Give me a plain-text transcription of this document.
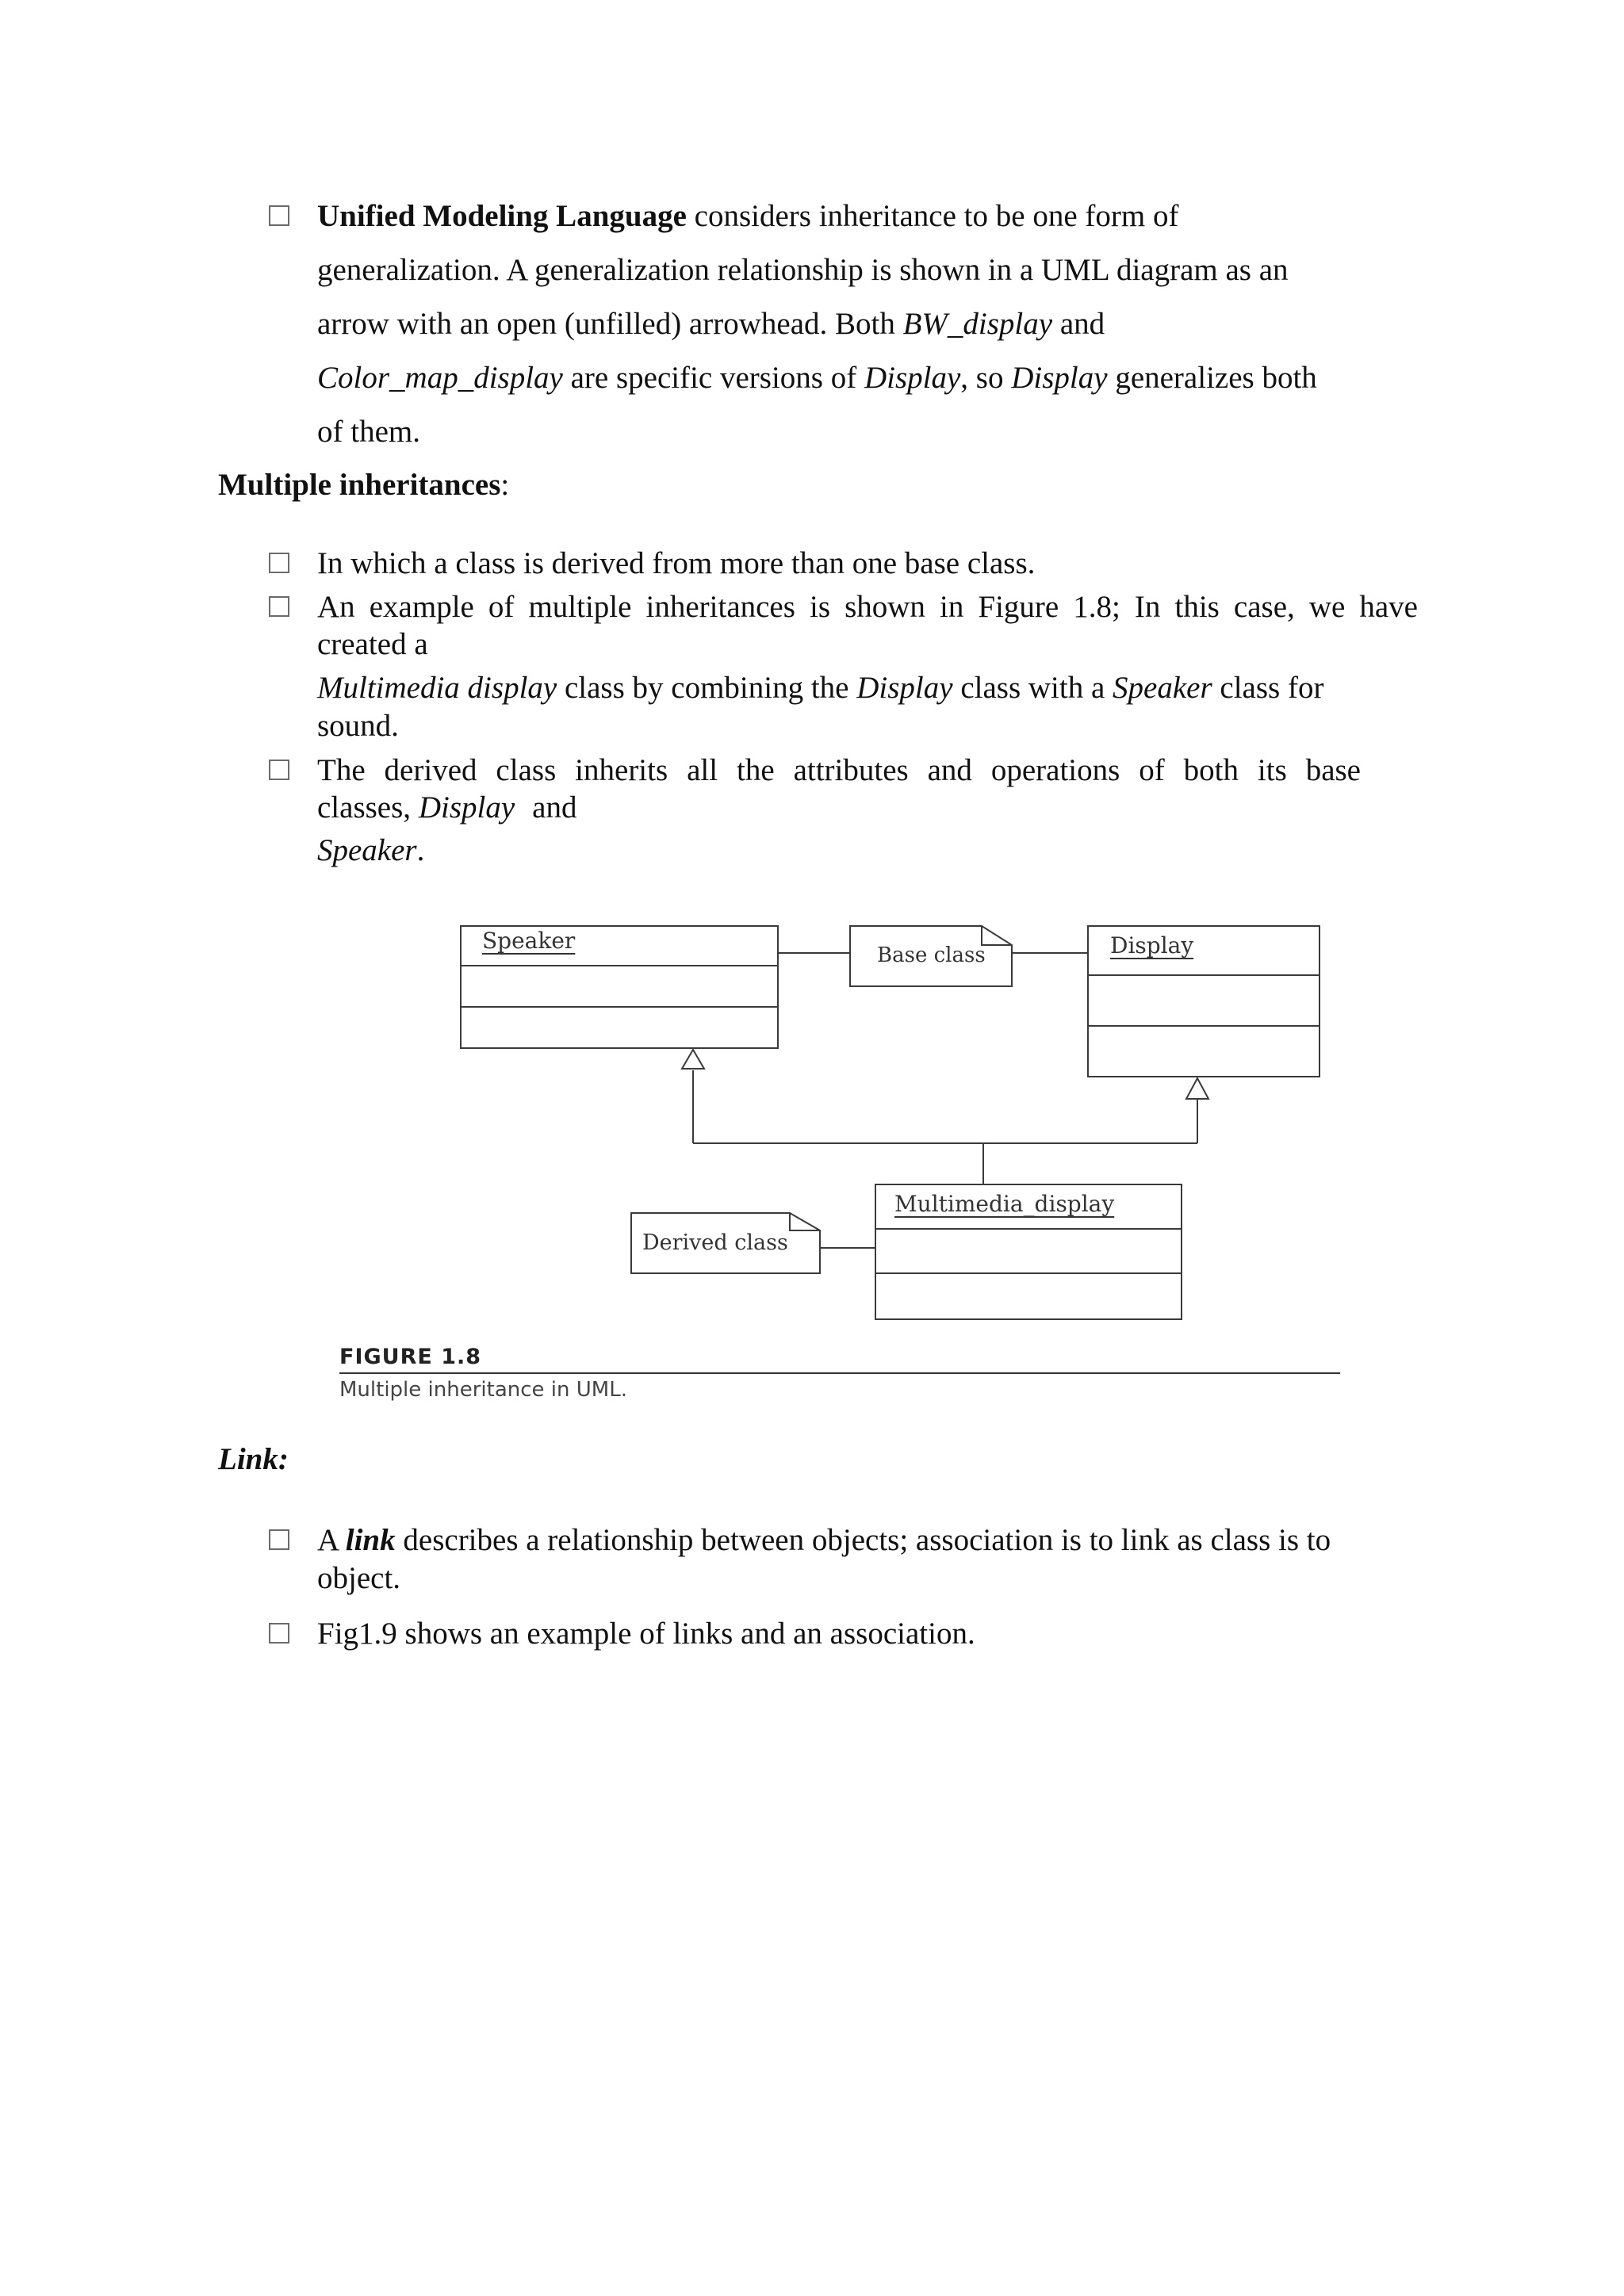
Unified Modeling Language considers inheritance to be one form of
generalization. A generalization relationship is shown in a UML diagram as an
arrow with an open (unfilled) arrowhead. Both BW_display and
Color_map_display are specific versions of Display, so Display generalizes both
of them.
Multiple inheritances:
In which a class is derived from more than one base class.
An example of multiple inheritances is shown in Figure 1.8; In this case, we have
created a
Multimedia display class by combining the Display class with a Speaker class for
sound.
The derived class inherits all the attributes and operations of both its base
classes, Display and
Speaker.
Speaker	Display
Multimedia_display
Base class
Derived class
FIGURE 1.8
Multiple inheritance in UML.
Link:
A link describes a relationship between objects; association is to link as class is to
object.
Fig1.9 shows an example of links and an association.
